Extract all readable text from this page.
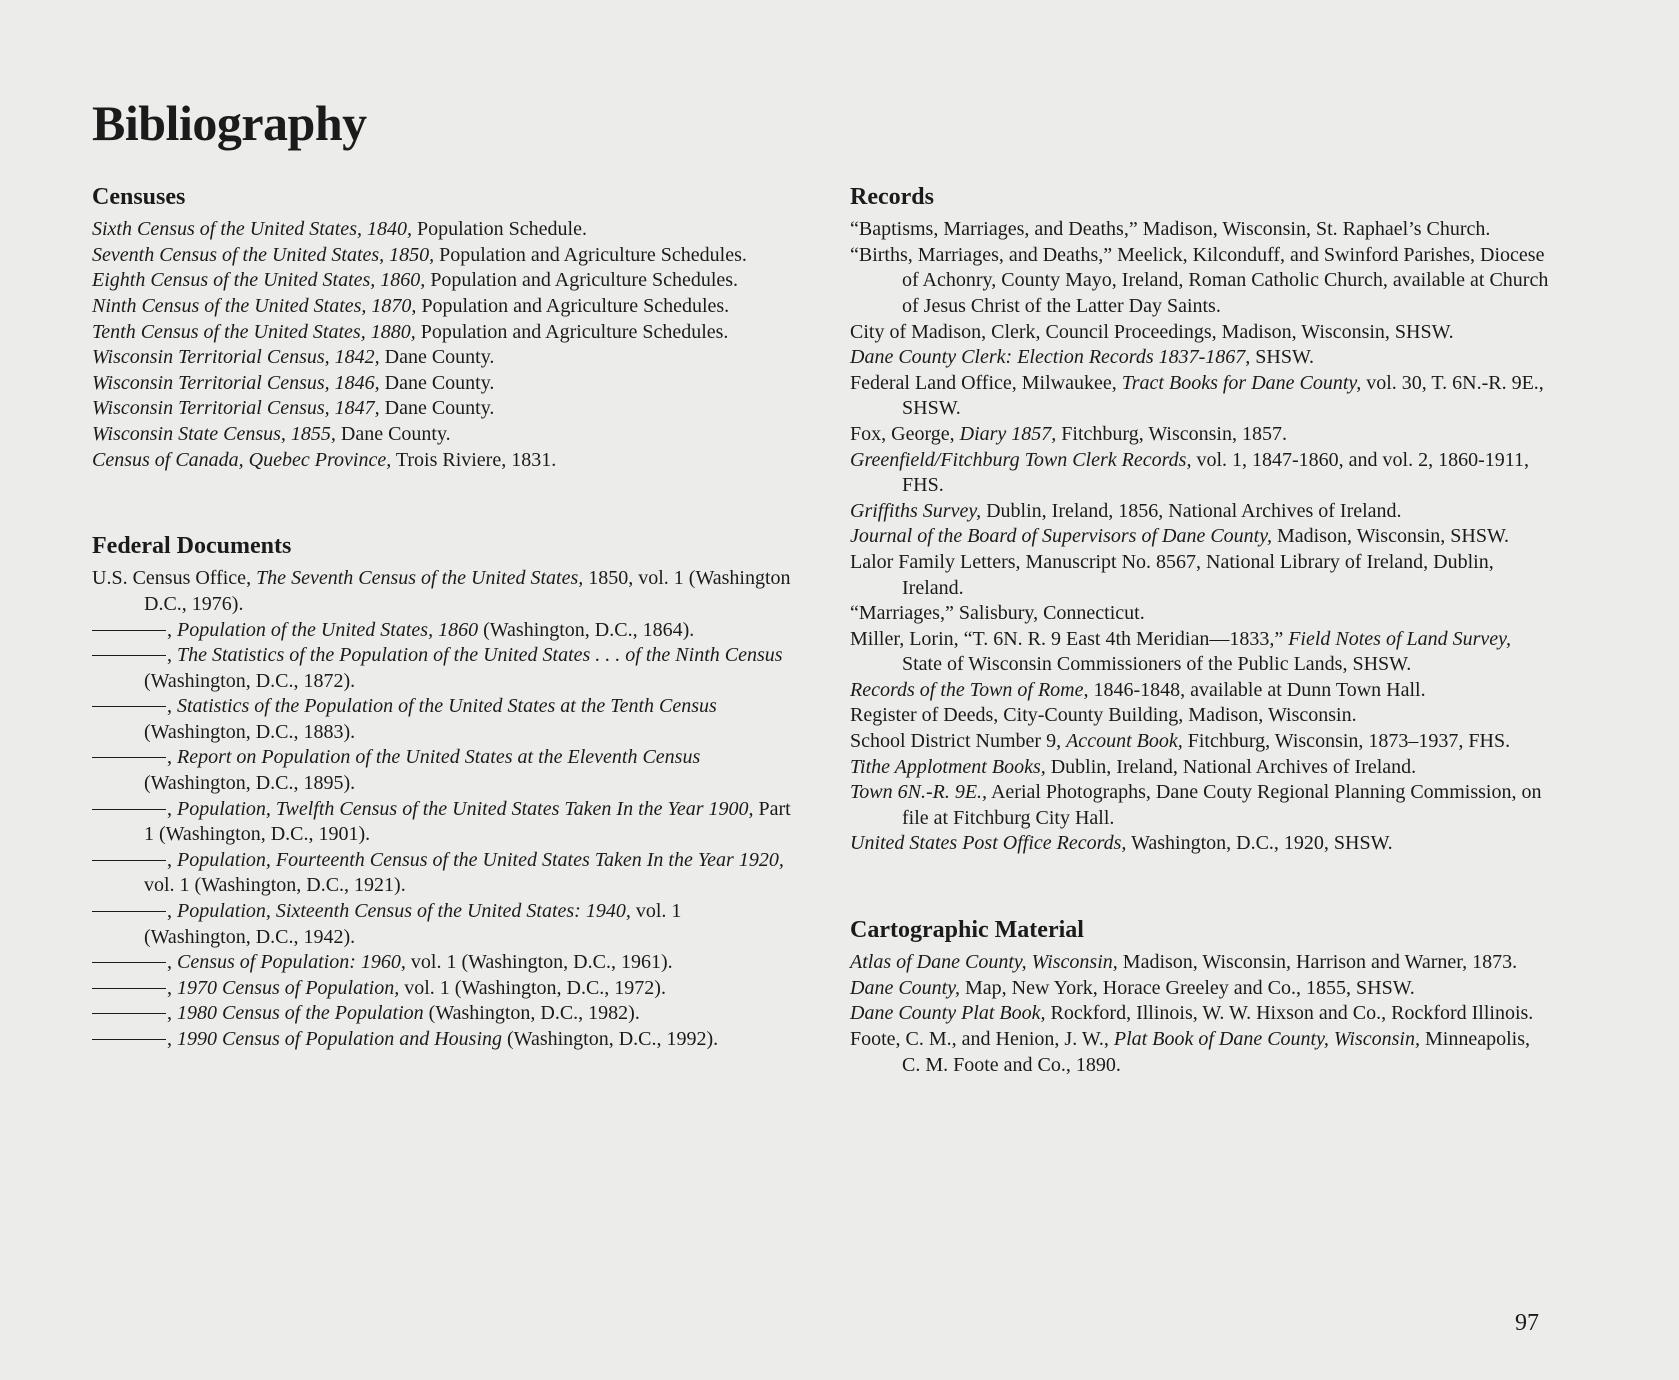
Bibliography
Censuses
Sixth Census of the United States, 1840, Population Schedule.
Seventh Census of the United States, 1850, Population and Agriculture Schedules.
Eighth Census of the United States, 1860, Population and Agriculture Schedules.
Ninth Census of the United States, 1870, Population and Agriculture Schedules.
Tenth Census of the United States, 1880, Population and Agriculture Schedules.
Wisconsin Territorial Census, 1842, Dane County.
Wisconsin Territorial Census, 1846, Dane County.
Wisconsin Territorial Census, 1847, Dane County.
Wisconsin State Census, 1855, Dane County.
Census of Canada, Quebec Province, Trois Riviere, 1831.
Federal Documents
U.S. Census Office, The Seventh Census of the United States, 1850, vol. 1 (Washington D.C., 1976).
, Population of the United States, 1860 (Washington, D.C., 1864).
, The Statistics of the Population of the United States . . . of the Ninth Census (Washington, D.C., 1872).
, Statistics of the Population of the United States at the Tenth Census (Washington, D.C., 1883).
, Report on Population of the United States at the Eleventh Census (Washington, D.C., 1895).
, Population, Twelfth Census of the United States Taken In the Year 1900, Part 1 (Washington, D.C., 1901).
, Population, Fourteenth Census of the United States Taken In the Year 1920, vol. 1 (Washington, D.C., 1921).
, Population, Sixteenth Census of the United States: 1940, vol. 1 (Washington, D.C., 1942).
, Census of Population: 1960, vol. 1 (Washington, D.C., 1961).
, 1970 Census of Population, vol. 1 (Washington, D.C., 1972).
, 1980 Census of the Population (Washington, D.C., 1982).
, 1990 Census of Population and Housing (Washington, D.C., 1992).
Records
“Baptisms, Marriages, and Deaths,” Madison, Wisconsin, St. Raphael’s Church.
“Births, Marriages, and Deaths,” Meelick, Kilconduff, and Swinford Parishes, Diocese of Achonry, County Mayo, Ireland, Roman Catholic Church, available at Church of Jesus Christ of the Latter Day Saints.
City of Madison, Clerk, Council Proceedings, Madison, Wisconsin, SHSW.
Dane County Clerk: Election Records 1837-1867, SHSW.
Federal Land Office, Milwaukee, Tract Books for Dane County, vol. 30, T. 6N.-R. 9E., SHSW.
Fox, George, Diary 1857, Fitchburg, Wisconsin, 1857.
Greenfield/Fitchburg Town Clerk Records, vol. 1, 1847-1860, and vol. 2, 1860-1911, FHS.
Griffiths Survey, Dublin, Ireland, 1856, National Archives of Ireland.
Journal of the Board of Supervisors of Dane County, Madison, Wisconsin, SHSW.
Lalor Family Letters, Manuscript No. 8567, National Library of Ireland, Dublin, Ireland.
“Marriages,” Salisbury, Connecticut.
Miller, Lorin, “T. 6N. R. 9 East 4th Meridian—1833,” Field Notes of Land Survey, State of Wisconsin Commissioners of the Public Lands, SHSW.
Records of the Town of Rome, 1846-1848, available at Dunn Town Hall.
Register of Deeds, City-County Building, Madison, Wisconsin.
School District Number 9, Account Book, Fitchburg, Wisconsin, 1873–1937, FHS.
Tithe Applotment Books, Dublin, Ireland, National Archives of Ireland.
Town 6N.-R. 9E., Aerial Photographs, Dane Couty Regional Planning Commission, on file at Fitchburg City Hall.
United States Post Office Records, Washington, D.C., 1920, SHSW.
Cartographic Material
Atlas of Dane County, Wisconsin, Madison, Wisconsin, Harrison and Warner, 1873.
Dane County, Map, New York, Horace Greeley and Co., 1855, SHSW.
Dane County Plat Book, Rockford, Illinois, W. W. Hixson and Co., Rockford Illinois.
Foote, C. M., and Henion, J. W., Plat Book of Dane County, Wisconsin, Minneapolis, C. M. Foote and Co., 1890.

97
